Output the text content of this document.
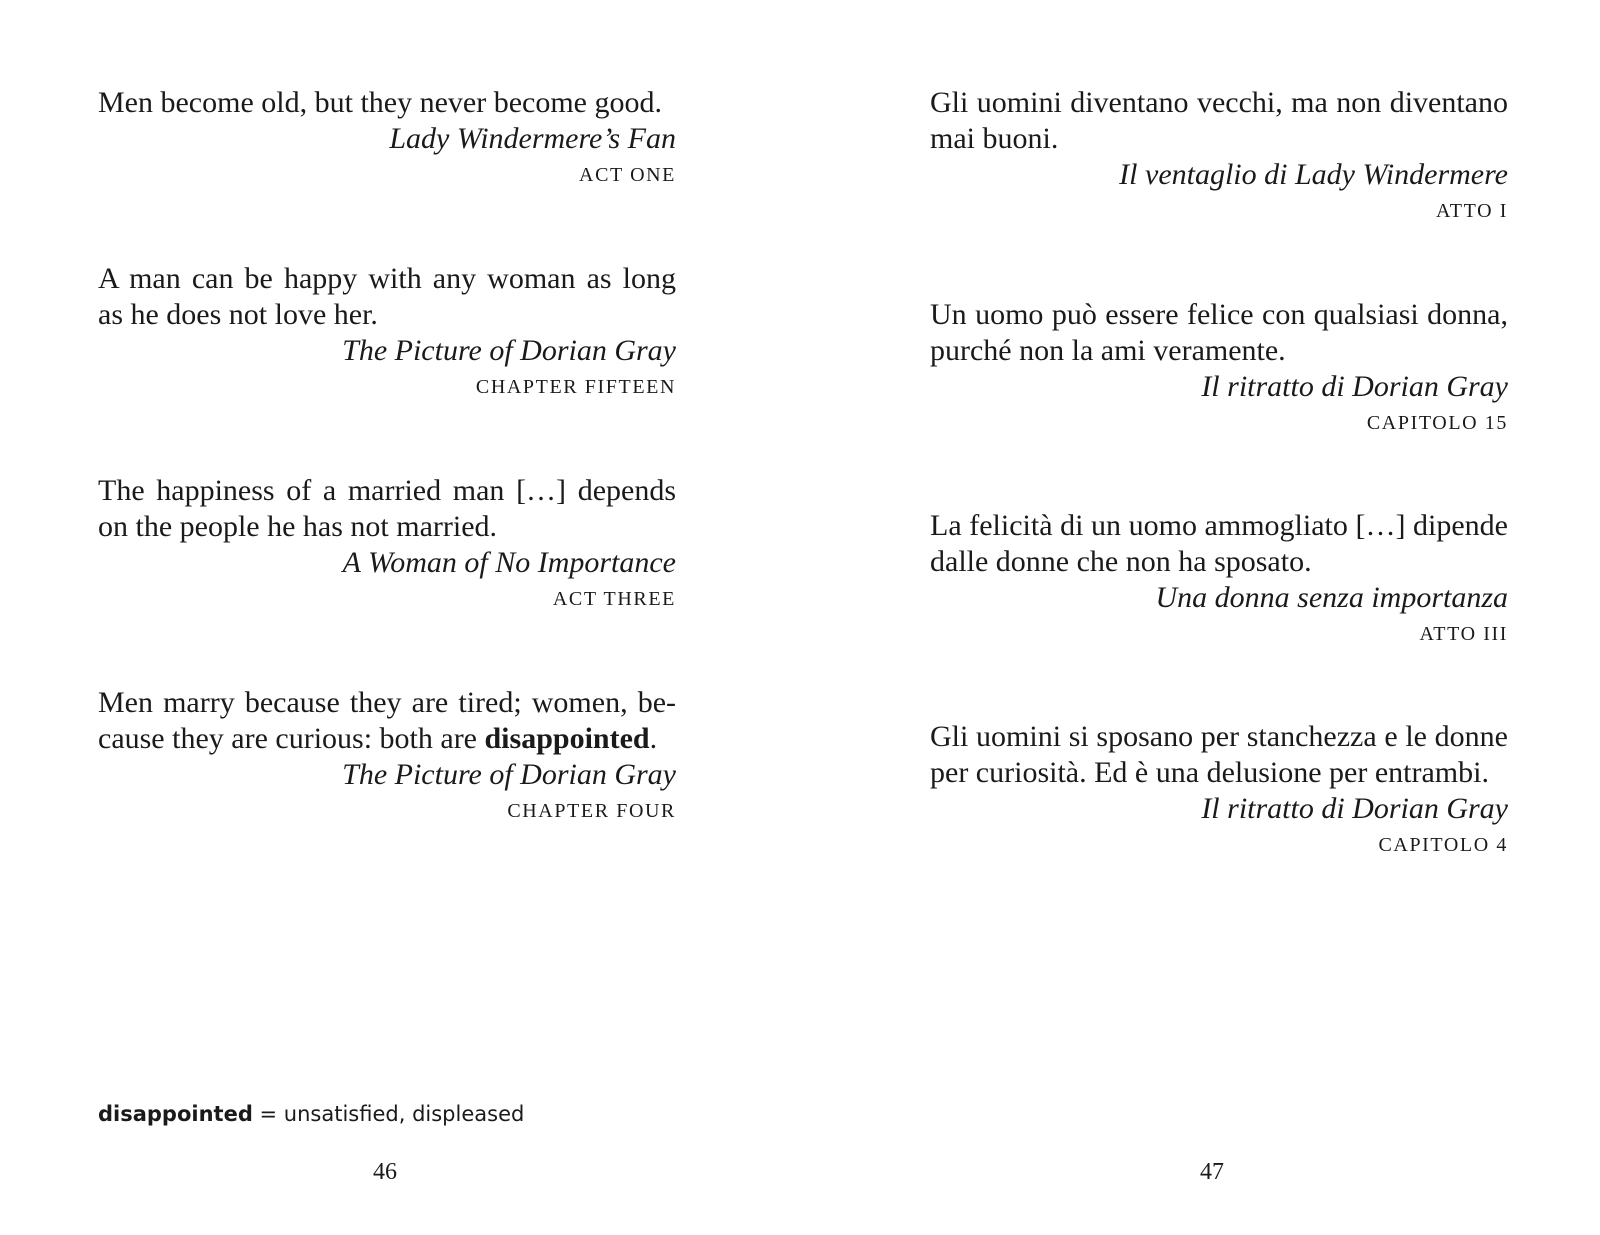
Men become old, but they never become good.

Lady Windermere’s Fan

ACT ONE

A man can be happy with any woman as long as he does not love her.

The Picture of Dorian Gray

CHAPTER FIFTEEN

The happiness of a married man […] depends on the people he has not married.

A Woman of No Importance

ACT THREE

Men marry because they are tired; women, be-cause they are curious: both are disappointed.

The Picture of Dorian Gray

CHAPTER FOUR

disappointed = unsatisfied, displeased
46

Gli uomini diventano vecchi, ma non diventano mai buoni.

Il ventaglio di Lady Windermere

ATTO I

Un uomo può essere felice con qualsiasi donna, purché non la ami veramente.

Il ritratto di Dorian Gray

CAPITOLO 15

La felicità di un uomo ammogliato […] dipende dalle donne che non ha sposato.

Una donna senza importanza

ATTO III

Gli uomini si sposano per stanchezza e le donne per curiosità. Ed è una delusione per entrambi.

Il ritratto di Dorian Gray

CAPITOLO 4

47
